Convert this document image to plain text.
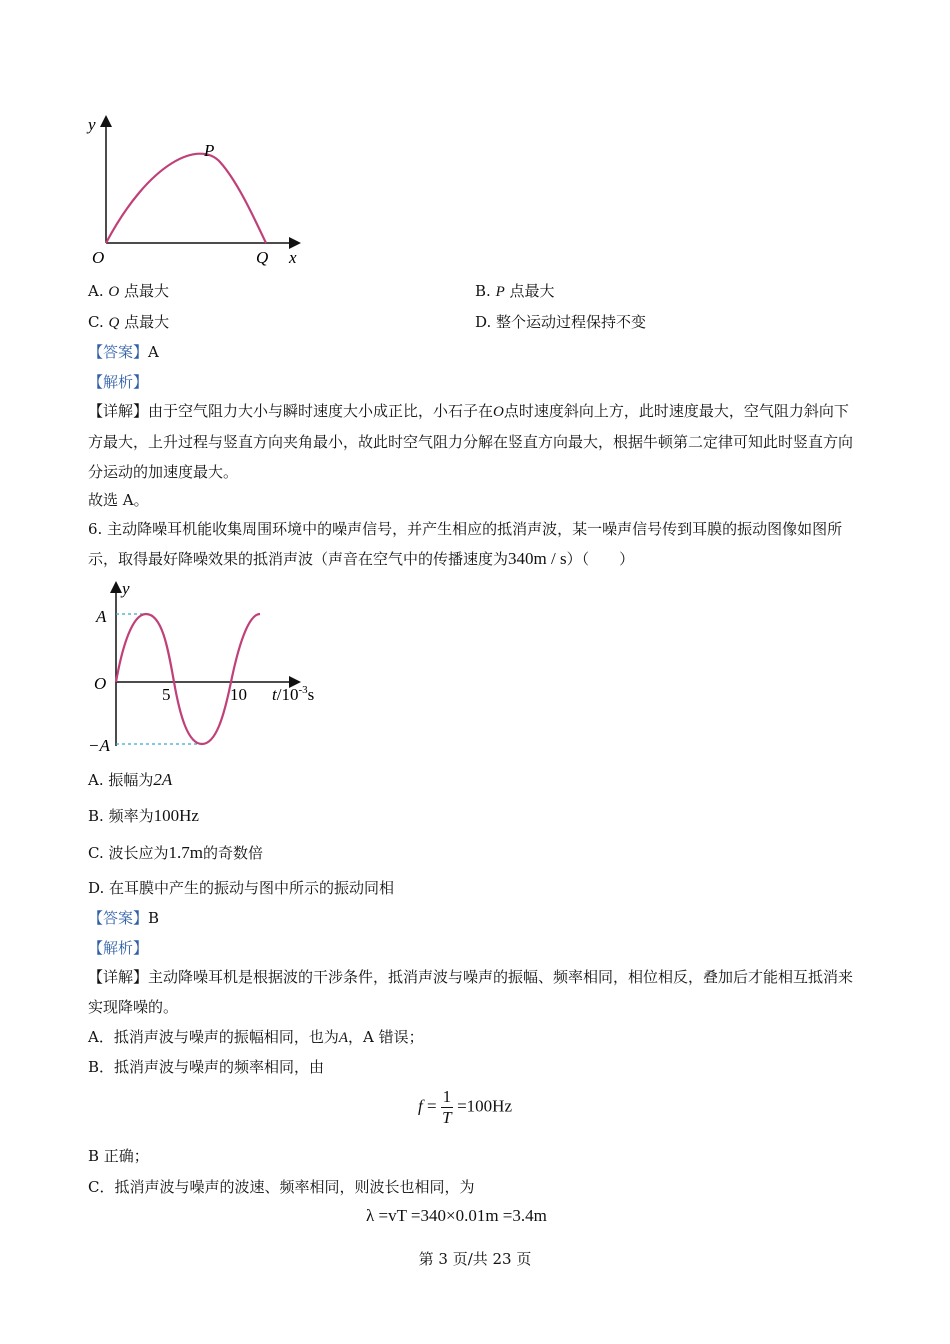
y
P
O	Q x
A. O 点最大	B. P 点最大
C. Q 点最大	D. 整个运动过程保持不变
【答案】A
【解析】
【详解】由于空气阻力大小与瞬时速度大小成正比，小石子在O点时速度斜向上方，此时速度最大，空气阻力斜向下方最大，上升过程与竖直方向夹角最小，故此时空气阻力分解在竖直方向最大，根据牛顿第二定律可知此时竖直方向分运动的加速度最大。
故选 A。
6. 主动降噪耳机能收集周围环境中的噪声信号，并产生相应的抵消声波，某一噪声信号传到耳膜的振动图像如图所示，取得最好降噪效果的抵消声波（声音在空气中的传播速度为340m / s）（　　）
y
A
O
−A
5	10 $t/10^{-3}s$
A. 振幅为2A
B. 频率为100Hz
C. 波长应为1.7m的奇数倍
D. 在耳膜中产生的振动与图中所示的振动同相
【答案】B
【解析】
【详解】主动降噪耳机是根据波的干涉条件，抵消声波与噪声的振幅、频率相同，相位相反，叠加后才能相互抵消来实现降噪的。
A．抵消声波与噪声的振幅相同，也为A，A 错误；
B．抵消声波与噪声的频率相同，由
$f = \frac{1}{T} =100Hz$
B 正确；
C．抵消声波与噪声的波速、频率相同，则波长也相同，为
λ =vT =340×0.01m =3.4m
第 3 页/共 23 页
